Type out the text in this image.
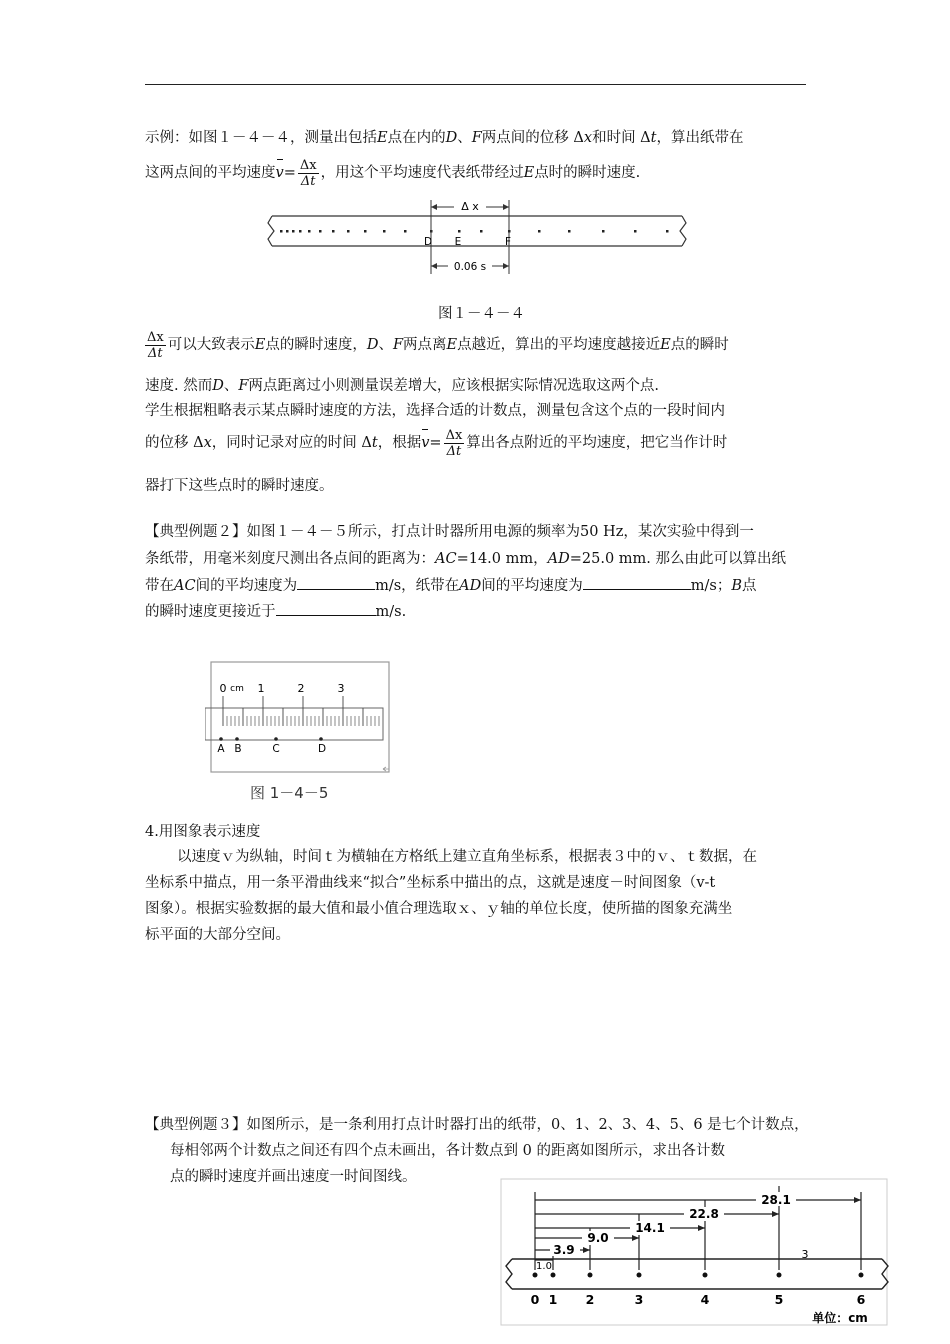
示例：如图１－４－４，测量出包括E点在内的D、F两点间的位移 Δx和时间 Δt，算出纸带在
这两点间的平均速度$v= \frac{\Delta x}{\Delta t}$ ，用这个平均速度代表纸带经过E点时的瞬时速度.
Δ x
D E	F
0.06 s
图１－４－４
$\frac{\Delta x}{\Delta t}$ 可以大致表示E点的瞬时速度，D、F两点离E点越近，算出的平均速度越接近E点的瞬时
速度. 然而D、F两点距离过小则测量误差增大，应该根据实际情况选取这两个点.
学生根据粗略表示某点瞬时速度的方法，选择合适的计数点，测量包含这个点的一段时间内
的位移 Δx，同时记录对应的时间 Δt，根据$v= \frac{\Delta x}{\Delta t}$ 算出各点附近的平均速度，把它当作计时
器打下这些点时的瞬时速度。
【典型例题２】如图１－４－５所示，打点计时器所用电源的频率为50 Hz，某次实验中得到一
条纸带，用毫米刻度尺测出各点间的距离为：AC=14.0 mm，AD=25.0 mm. 那么由此可以算出纸
带在AC间的平均速度为	m/s，纸带在AD间的平均速度为	m/s；B点
的瞬时速度更接近于	m/s.
0 cm 1	2	3
A B	C	D
图 1－4－5
4.用图象表示速度
以速度ｖ为纵轴，时间ｔ为横轴在方格纸上建立直角坐标系，根据表３中的ｖ、ｔ数据，在
坐标系中描点，用一条平滑曲线来“拟合”坐标系中描出的点，这就是速度－时间图象（v-t
图象）。根据实验数据的最大值和最小值合理选取ｘ、ｙ轴的单位长度，使所描的图象充满坐
标平面的大部分空间。
【典型例题３】如图所示，是一条利用打点计时器打出的纸带，0、1、2、3、4、5、6 是七个计数点，
每相邻两个计数点之间还有四个点未画出，各计数点到 0 的距离如图所示，求出各计数
点的瞬时速度并画出速度一时间图线。
28.1
22.8
14.1
9.0
3.9
1.0
3
0 1 2	3	4	5	6
单位：cm
